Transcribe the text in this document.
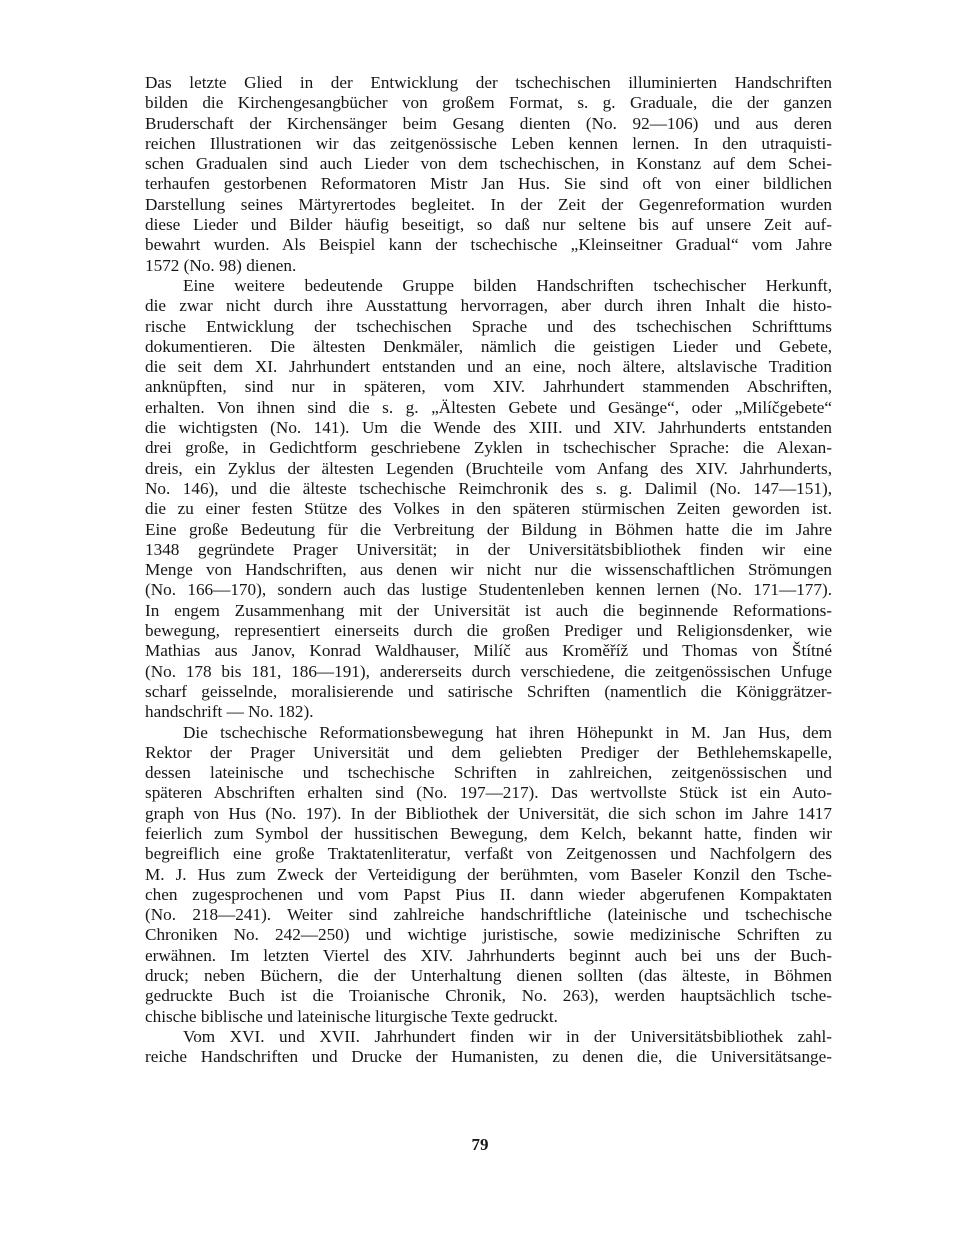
Das letzte Glied in der Entwicklung der tschechischen illuminierten Handschriften
bilden die Kirchengesangbücher von großem Format, s. g. Graduale, die der ganzen
Bruderschaft der Kirchensänger beim Gesang dienten (No. 92—106) und aus deren
reichen Illustrationen wir das zeitgenössische Leben kennen lernen. In den utraquisti-
schen Gradualen sind auch Lieder von dem tschechischen, in Konstanz auf dem Schei-
terhaufen gestorbenen Reformatoren Mistr Jan Hus. Sie sind oft von einer bildlichen
Darstellung seines Märtyrertodes begleitet. In der Zeit der Gegenreformation wurden
diese Lieder und Bilder häufig beseitigt, so daß nur seltene bis auf unsere Zeit auf-
bewahrt wurden. Als Beispiel kann der tschechische „Kleinseitner Gradual“ vom Jahre
1572 (No. 98) dienen.
Eine weitere bedeutende Gruppe bilden Handschriften tschechischer Herkunft,
die zwar nicht durch ihre Ausstattung hervorragen, aber durch ihren Inhalt die histo-
rische Entwicklung der tschechischen Sprache und des tschechischen Schrifttums
dokumentieren. Die ältesten Denkmäler, nämlich die geistigen Lieder und Gebete,
die seit dem XI. Jahrhundert entstanden und an eine, noch ältere, altslavische Tradition
anknüpften, sind nur in späteren, vom XIV. Jahrhundert stammenden Abschriften,
erhalten. Von ihnen sind die s. g. „Ältesten Gebete und Gesänge“, oder „Milíčgebete“
die wichtigsten (No. 141). Um die Wende des XIII. und XIV. Jahrhunderts entstanden
drei große, in Gedichtform geschriebene Zyklen in tschechischer Sprache: die Alexan-
dreis, ein Zyklus der ältesten Legenden (Bruchteile vom Anfang des XIV. Jahrhunderts,
No. 146), und die älteste tschechische Reimchronik des s. g. Dalimil (No. 147—151),
die zu einer festen Stütze des Volkes in den späteren stürmischen Zeiten geworden ist.
Eine große Bedeutung für die Verbreitung der Bildung in Böhmen hatte die im Jahre
1348 gegründete Prager Universität; in der Universitätsbibliothek finden wir eine
Menge von Handschriften, aus denen wir nicht nur die wissenschaftlichen Strömungen
(No. 166—170), sondern auch das lustige Studentenleben kennen lernen (No. 171—177).
In engem Zusammenhang mit der Universität ist auch die beginnende Reformations-
bewegung, representiert einerseits durch die großen Prediger und Religionsdenker, wie
Mathias aus Janov, Konrad Waldhauser, Milíč aus Kroměříž und Thomas von Štítné
(No. 178 bis 181, 186—191), andererseits durch verschiedene, die zeitgenössischen Unfuge
scharf geisselnde, moralisierende und satirische Schriften (namentlich die Königgrätzer-
handschrift — No. 182).
Die tschechische Reformationsbewegung hat ihren Höhepunkt in M. Jan Hus, dem
Rektor der Prager Universität und dem geliebten Prediger der Bethlehemskapelle,
dessen lateinische und tschechische Schriften in zahlreichen, zeitgenössischen und
späteren Abschriften erhalten sind (No. 197—217). Das wertvollste Stück ist ein Auto-
graph von Hus (No. 197). In der Bibliothek der Universität, die sich schon im Jahre 1417
feierlich zum Symbol der hussitischen Bewegung, dem Kelch, bekannt hatte, finden wir
begreiflich eine große Traktatenliteratur, verfaßt von Zeitgenossen und Nachfolgern des
M. J. Hus zum Zweck der Verteidigung der berühmten, vom Baseler Konzil den Tsche-
chen zugesprochenen und vom Papst Pius II. dann wieder abgerufenen Kompaktaten
(No. 218—241). Weiter sind zahlreiche handschriftliche (lateinische und tschechische
Chroniken No. 242—250) und wichtige juristische, sowie medizinische Schriften zu
erwähnen. Im letzten Viertel des XIV. Jahrhunderts beginnt auch bei uns der Buch-
druck; neben Büchern, die der Unterhaltung dienen sollten (das älteste, in Böhmen
gedruckte Buch ist die Troianische Chronik, No. 263), werden hauptsächlich tsche-
chische biblische und lateinische liturgische Texte gedruckt.
Vom XVI. und XVII. Jahrhundert finden wir in der Universitätsbibliothek zahl-
reiche Handschriften und Drucke der Humanisten, zu denen die, die Universitätsange-
79
